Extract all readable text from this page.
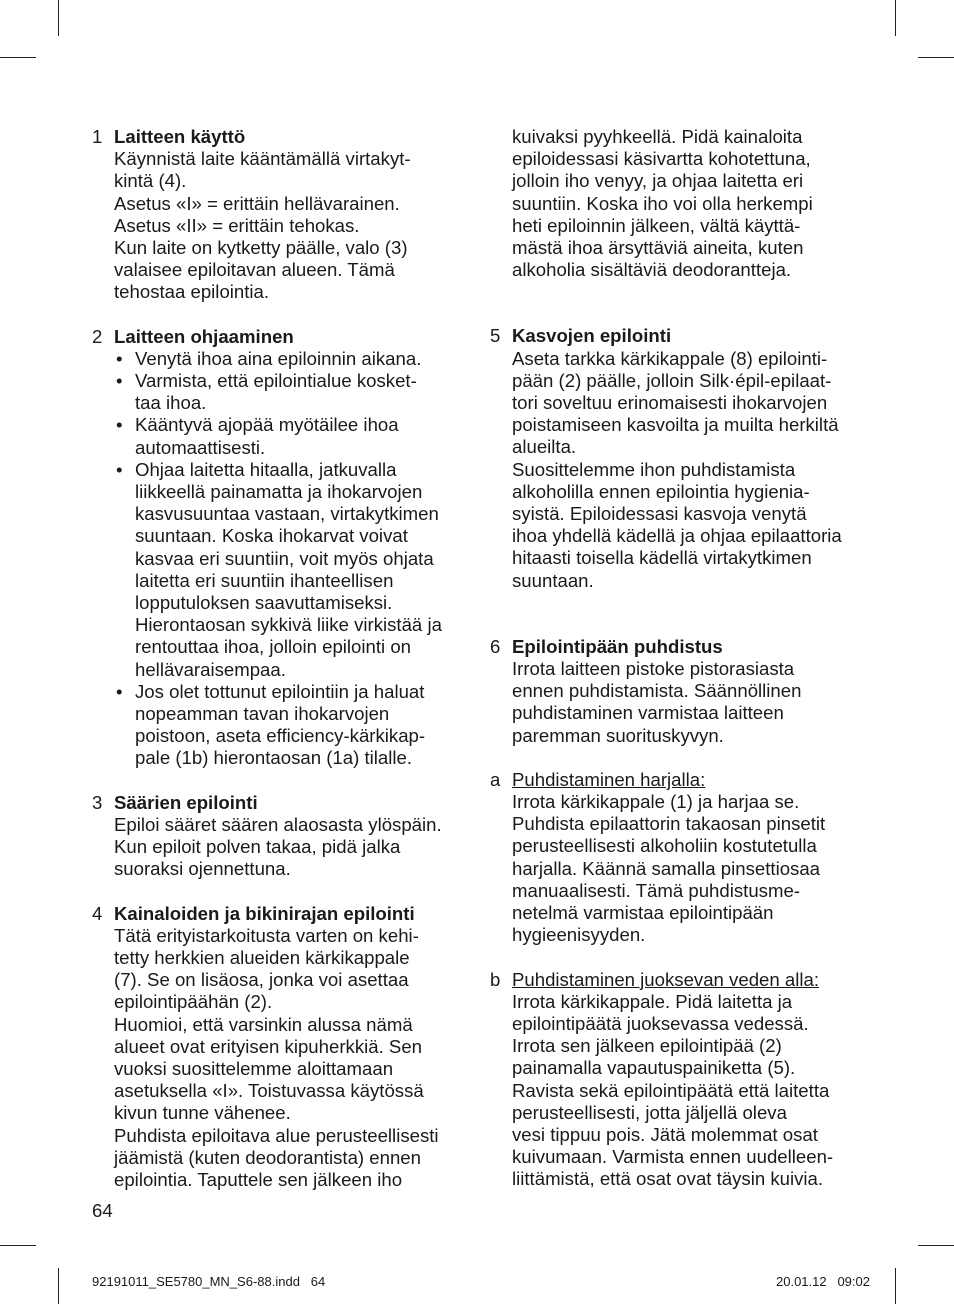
1 Laitteen käyttö
Käynnistä laite kääntämällä virtakyt-
kintä (4).
Asetus «I» = erittäin hellävarainen.
Asetus «II» = erittäin tehokas.
Kun laite on kytketty päälle, valo (3)
valaisee epiloitavan alueen. Tämä
tehostaa epilointia.
2 Laitteen ohjaaminen
• Venytä ihoa aina epiloinnin aikana.
• Varmista, että epilointialue kosket-
taa ihoa.
• Kääntyvä ajopää myötäilee ihoa
automaattisesti.
• Ohjaa laitetta hitaalla, jatkuvalla
liikkeellä painamatta ja ihokarvojen
kasvusuuntaa vastaan, virtakytkimen
suuntaan. Koska ihokarvat voivat
kasvaa eri suuntiin, voit myös ohjata
laitetta eri suuntiin ihanteellisen
lopputuloksen saavuttamiseksi.
Hierontaosan sykkivä liike virkistää ja
rentouttaa ihoa, jolloin epilointi on
hellävaraisempaa.
• Jos olet tottunut epilointiin ja haluat
nopeamman tavan ihokarvojen
poistoon, aseta efficiency-kärkikap-
pale (1b) hierontaosan (1a) tilalle.
3 Säärien epilointi
Epiloi sääret säären alaosasta ylöspäin.
Kun epiloit polven takaa, pidä jalka
suoraksi ojennettuna.
4 Kainaloiden ja bikinirajan epilointi
Tätä erityistarkoitusta varten on kehi-
tetty herkkien alueiden kärkikappale
(7). Se on lisäosa, jonka voi asettaa
epilointipäähän (2).
Huomioi, että varsinkin alussa nämä
alueet ovat erityisen kipuherkkiä. Sen
vuoksi suosittelemme aloittamaan
asetuksella «I». Toistuvassa käytössä
kivun tunne vähenee.
Puhdista epiloitava alue perusteellisesti
jäämistä (kuten deodorantista) ennen
epilointia. Taputtele sen jälkeen iho
kuivaksi pyyhkeellä. Pidä kainaloita
epiloidessasi käsivartta kohotettuna,
jolloin iho venyy, ja ohjaa laitetta eri
suuntiin. Koska iho voi olla herkempi
heti epiloinnin jälkeen, vältä käyttä-
mästä ihoa ärsyttäviä aineita, kuten
alkoholia sisältäviä deodorantteja.
5 Kasvojen epilointi
Aseta tarkka kärkikappale (8) epilointi-
pään (2) päälle, jolloin Silk·épil-epilaat-
tori soveltuu erinomaisesti ihokarvojen
poistamiseen kasvoilta ja muilta herkiltä
alueilta.
Suosittelemme ihon puhdistamista
alkoholilla ennen epilointia hygienia-
syistä. Epiloidessasi kasvoja venytä
ihoa yhdellä kädellä ja ohjaa epilaattoria
hitaasti toisella kädellä virtakytkimen
suuntaan.
6 Epilointipään puhdistus
Irrota laitteen pistoke pistorasiasta
ennen puhdistamista. Säännöllinen
puhdistaminen varmistaa laitteen
paremman suorituskyvyn.
a Puhdistaminen harjalla:
Irrota kärkikappale (1) ja harjaa se.
Puhdista epilaattorin takaosan pinsetit
perusteellisesti alkoholiin kostutetulla
harjalla. Käännä samalla pinsettiosaa
manuaalisesti. Tämä puhdistusme-
netelmä varmistaa epilointipään
hygieenisyyden.
b Puhdistaminen juoksevan veden alla:
Irrota kärkikappale. Pidä laitetta ja
epilointipäätä juoksevassa vedessä.
Irrota sen jälkeen epilointipää (2)
painamalla vapautuspainiketta (5).
Ravista sekä epilointipäätä että laitetta
perusteellisesti, jotta jäljellä oleva
vesi tippuu pois. Jätä molemmat osat
kuivumaan. Varmista ennen uudelleen-
liittämistä, että osat ovat täysin kuivia.
64
92191011_SE5780_MN_S6-88.indd   64	20.01.12   09:02
